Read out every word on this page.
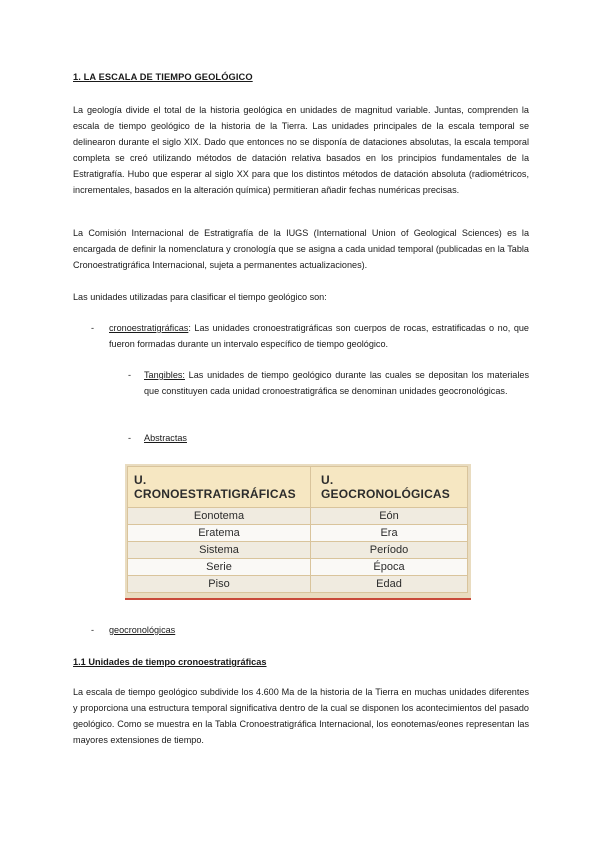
1. LA ESCALA DE TIEMPO GEOLÓGICO

La geología divide el total de la historia geológica en unidades de magnitud variable. Juntas, comprenden la escala de tiempo geológico de la historia de la Tierra. Las unidades principales de la escala temporal se delinearon durante el siglo XIX. Dado que entonces no se disponía de dataciones absolutas, la escala temporal completa se creó utilizando métodos de datación relativa basados en los principios fundamentales de la Estratigrafía. Hubo que esperar al siglo XX para que los distintos métodos de datación absoluta (radiométricos, incrementales, basados en la alteración química) permitieran añadir fechas numéricas precisas.

La Comisión Internacional de Estratigrafía de la IUGS (International Union of Geological Sciences) es la encargada de definir la nomenclatura y cronología que se asigna a cada unidad temporal (publicadas en la Tabla Cronoestratigráfica Internacional, sujeta a permanentes actualizaciones).

Las unidades utilizadas para clasificar el tiempo geológico son:

- cronoestratigráficas: Las unidades cronoestratigráficas son cuerpos de rocas, estratificadas o no, que fueron formadas durante un intervalo específico de tiempo geológico.
- Tangibles: Las unidades de tiempo geológico durante las cuales se depositan los materiales que constituyen cada unidad cronoestratigráfica se denominan unidades geocronológicas.
- Abstractas
U.
CRONOESTRATIGRÁFICAS	U. GEOCRONOLÓGICAS
Eonotema	Eón
Eratema	Era
Sistema	Período
Serie	Época
Piso	Edad
- geocronológicas
1.1 Unidades de tiempo cronoestratigráficas

La escala de tiempo geológico subdivide los 4.600 Ma de la historia de la Tierra en muchas unidades diferentes y proporciona una estructura temporal significativa dentro de la cual se disponen los acontecimientos del pasado geológico. Como se muestra en la Tabla Cronoestratigráfica Internacional, los eonotemas/eones representan las mayores extensiones de tiempo.
